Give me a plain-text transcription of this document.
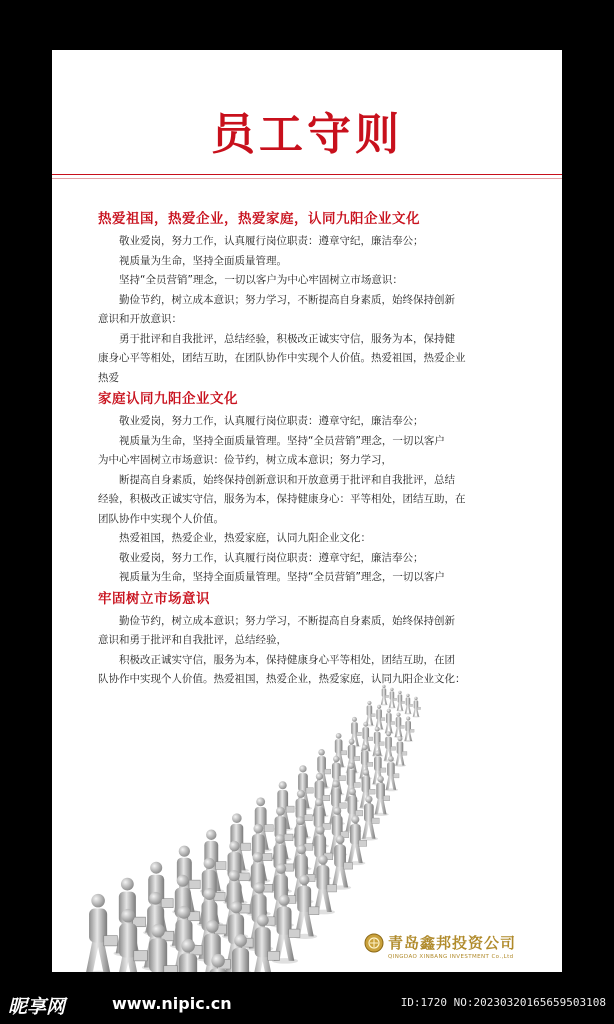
员工守则
热爱祖国，热爱企业，热爱家庭，认同九阳企业文化

敬业爱岗，努力工作，认真履行岗位职责：遵章守纪，廉洁奉公；

视质量为生命，坚持全面质量管理。

坚持“全员营销”理念，一切以客户为中心牢固树立市场意识：

勤俭节约，树立成本意识；努力学习，不断提高自身素质，始终保持创新

意识和开放意识：

勇于批评和自我批评，总结经验，积极改正诚实守信，服务为本，保持健

康身心平等相处，团结互助，在团队协作中实现个人价值。热爱祖国，热爱企业

热爱

家庭认同九阳企业文化

敬业爱岗，努力工作，认真履行岗位职责：遵章守纪，廉洁奉公；

视质量为生命，坚持全面质量管理。坚持“全员营销”理念，一切以客户

为中心牢固树立市场意识：俭节约，树立成本意识；努力学习，

断提高自身素质，始终保持创新意识和开放意勇于批评和自我批评，总结

经验，积极改正诚实守信，服务为本，保持健康身心：平等相处，团结互助，在

团队协作中实现个人价值。

热爱祖国，热爱企业，热爱家庭，认同九阳企业文化：

敬业爱岗，努力工作，认真履行岗位职责：遵章守纪，廉洁奉公；

视质量为生命，坚持全面质量管理。坚持“全员营销”理念，一切以客户

牢固树立市场意识

勤俭节约，树立成本意识；努力学习，不断提高自身素质，始终保持创新

意识和勇于批评和自我批评，总结经验，

积极改正诚实守信，服务为本，保持健康身心平等相处，团结互助，在团

队协作中实现个人价值。热爱祖国，热爱企业，热爱家庭，认同九阳企业文化：

青岛鑫邦投资公司
QINGDAO XINBANG INVESTMENT Co.,Ltd
昵享网	www.nipic.cn	ID:1720 NO:20230320165659503108
